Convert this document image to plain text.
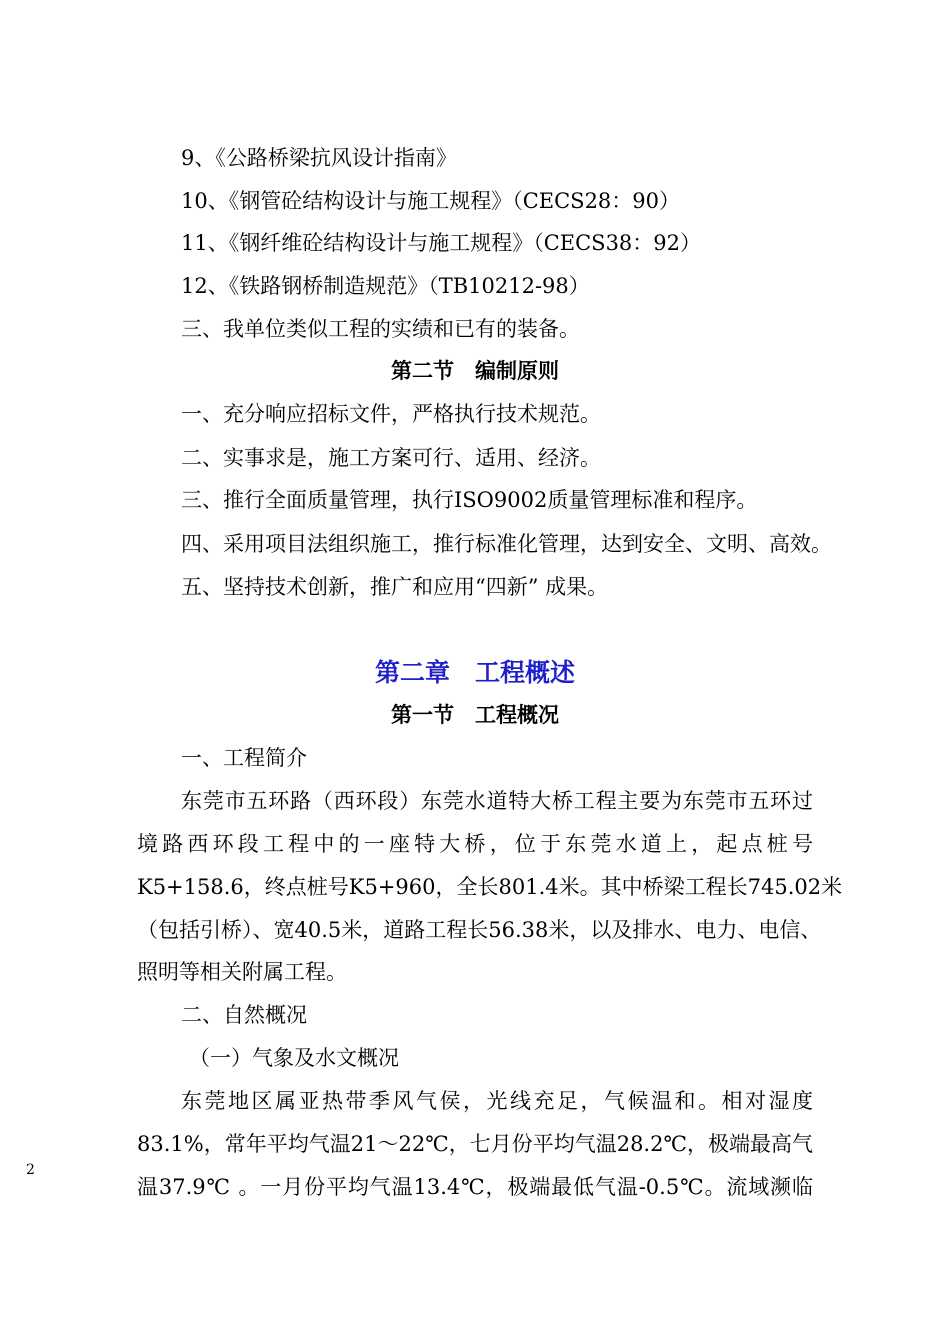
9、《公路桥梁抗风设计指南》
10、《钢管砼结构设计与施工规程》（CECS28：90）
11、《钢纤维砼结构设计与施工规程》（CECS38：92）
12、《铁路钢桥制造规范》（TB10212-98）
三、我单位类似工程的实绩和已有的装备。
第二节　编制原则
一、充分响应招标文件，严格执行技术规范。
二、实事求是，施工方案可行、适用、经济。
三、推行全面质量管理，执行ISO9002质量管理标准和程序。
四、采用项目法组织施工，推行标准化管理，达到安全、文明、高效。
五、坚持技术创新，推广和应用“四新” 成果。
第二章　工程概述
第一节　工程概况
一、工程简介
东莞市五环路（西环段）东莞水道特大桥工程主要为东莞市五环过
境路西环段工程中的一座特大桥，位于东莞水道上，起点桩号
K5+158.6，终点桩号K5+960，全长801.4米。其中桥梁工程长745.02米
（包括引桥）、宽40.5米，道路工程长56.38米，以及排水、电力、电信、
照明等相关附属工程。
二、自然概况
（一）气象及水文概况
东莞地区属亚热带季风气侯，光线充足，气候温和。相对湿度
83.1%，常年平均气温21～22℃，七月份平均气温28.2℃，极端最高气
温37.9℃ 。一月份平均气温13.4℃，极端最低气温-0.5℃。流域濒临
2
